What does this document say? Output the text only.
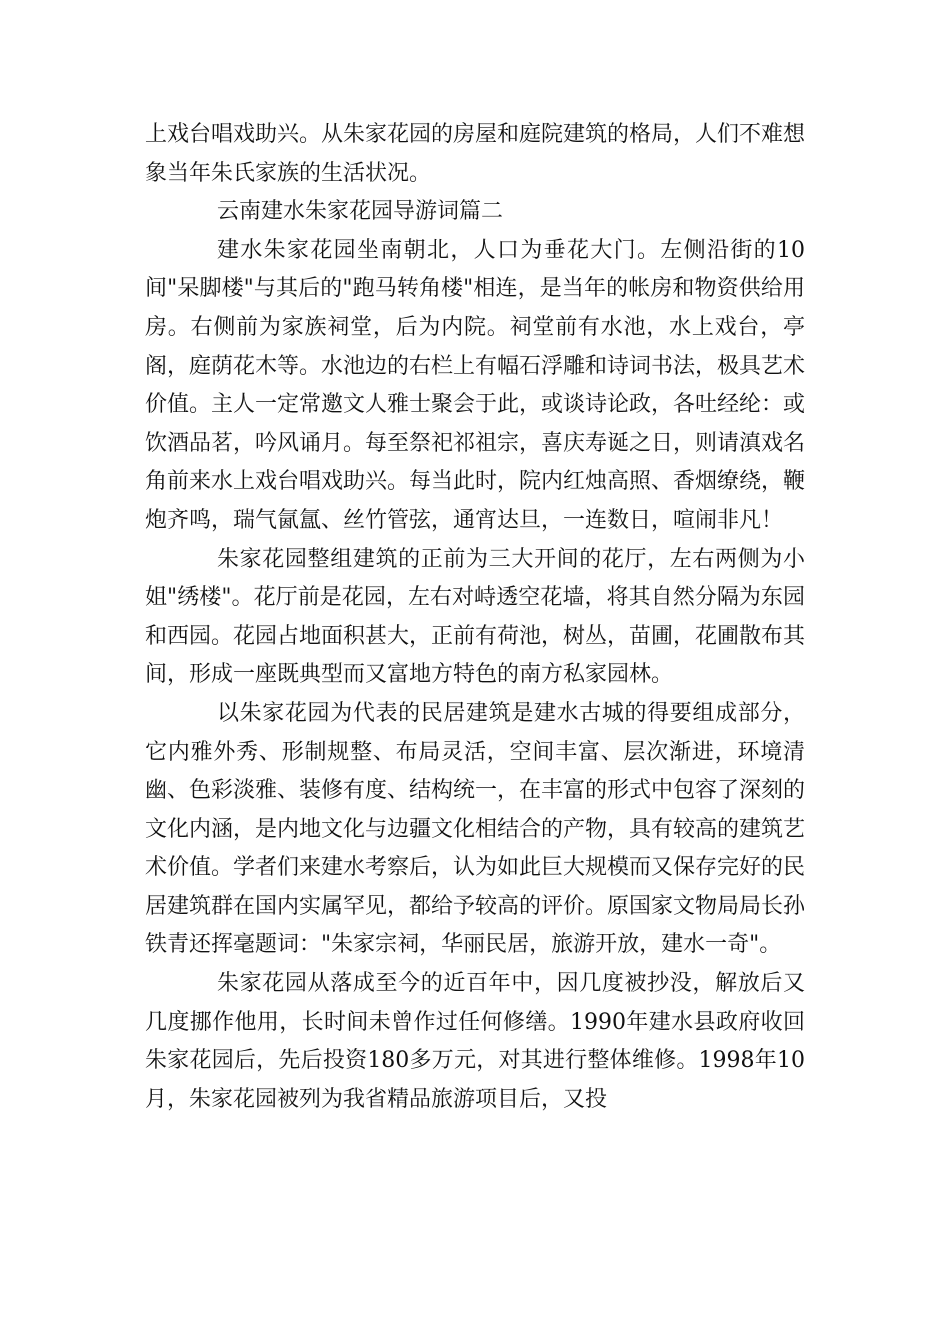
上戏台唱戏助兴。从朱家花园的房屋和庭院建筑的格局，人们不难想象当年朱氏家族的生活状况。

云南建水朱家花园导游词篇二

建水朱家花园坐南朝北，人口为垂花大门。左侧沿街的10间"呆脚楼"与其后的"跑马转角楼"相连，是当年的帐房和物资供给用房。右侧前为家族祠堂，后为内院。祠堂前有水池，水上戏台，亭阁，庭荫花木等。水池边的右栏上有幅石浮雕和诗词书法，极具艺术价值。主人一定常邀文人雅士聚会于此，或谈诗论政，各吐经纶：或饮酒品茗，吟风诵月。每至祭祀祁祖宗，喜庆寿诞之日，则请滇戏名角前来水上戏台唱戏助兴。每当此时，院内红烛高照、香烟缭绕，鞭炮齐鸣，瑞气氤氲、丝竹管弦，通宵达旦，一连数日，喧闹非凡！

朱家花园整组建筑的正前为三大开间的花厅，左右两侧为小姐"绣楼"。花厅前是花园，左右对峙透空花墙，将其自然分隔为东园和西园。花园占地面积甚大，正前有荷池，树丛，苗圃，花圃散布其间，形成一座既典型而又富地方特色的南方私家园林。

以朱家花园为代表的民居建筑是建水古城的得要组成部分，它内雅外秀、形制规整、布局灵活，空间丰富、层次渐进，环境清幽、色彩淡雅、装修有度、结构统一，在丰富的形式中包容了深刻的文化内涵，是内地文化与边疆文化相结合的产物，具有较高的建筑艺术价值。学者们来建水考察后，认为如此巨大规模而又保存完好的民居建筑群在国内实属罕见，都给予较高的评价。原国家文物局局长孙铁青还挥毫题词："朱家宗祠，华丽民居，旅游开放，建水一奇"。

朱家花园从落成至今的近百年中，因几度被抄没，解放后又几度挪作他用，长时间未曾作过任何修缮。1990年建水县政府收回朱家花园后，先后投资180多万元，对其进行整体维修。1998年10月，朱家花园被列为我省精品旅游项目后，又投
